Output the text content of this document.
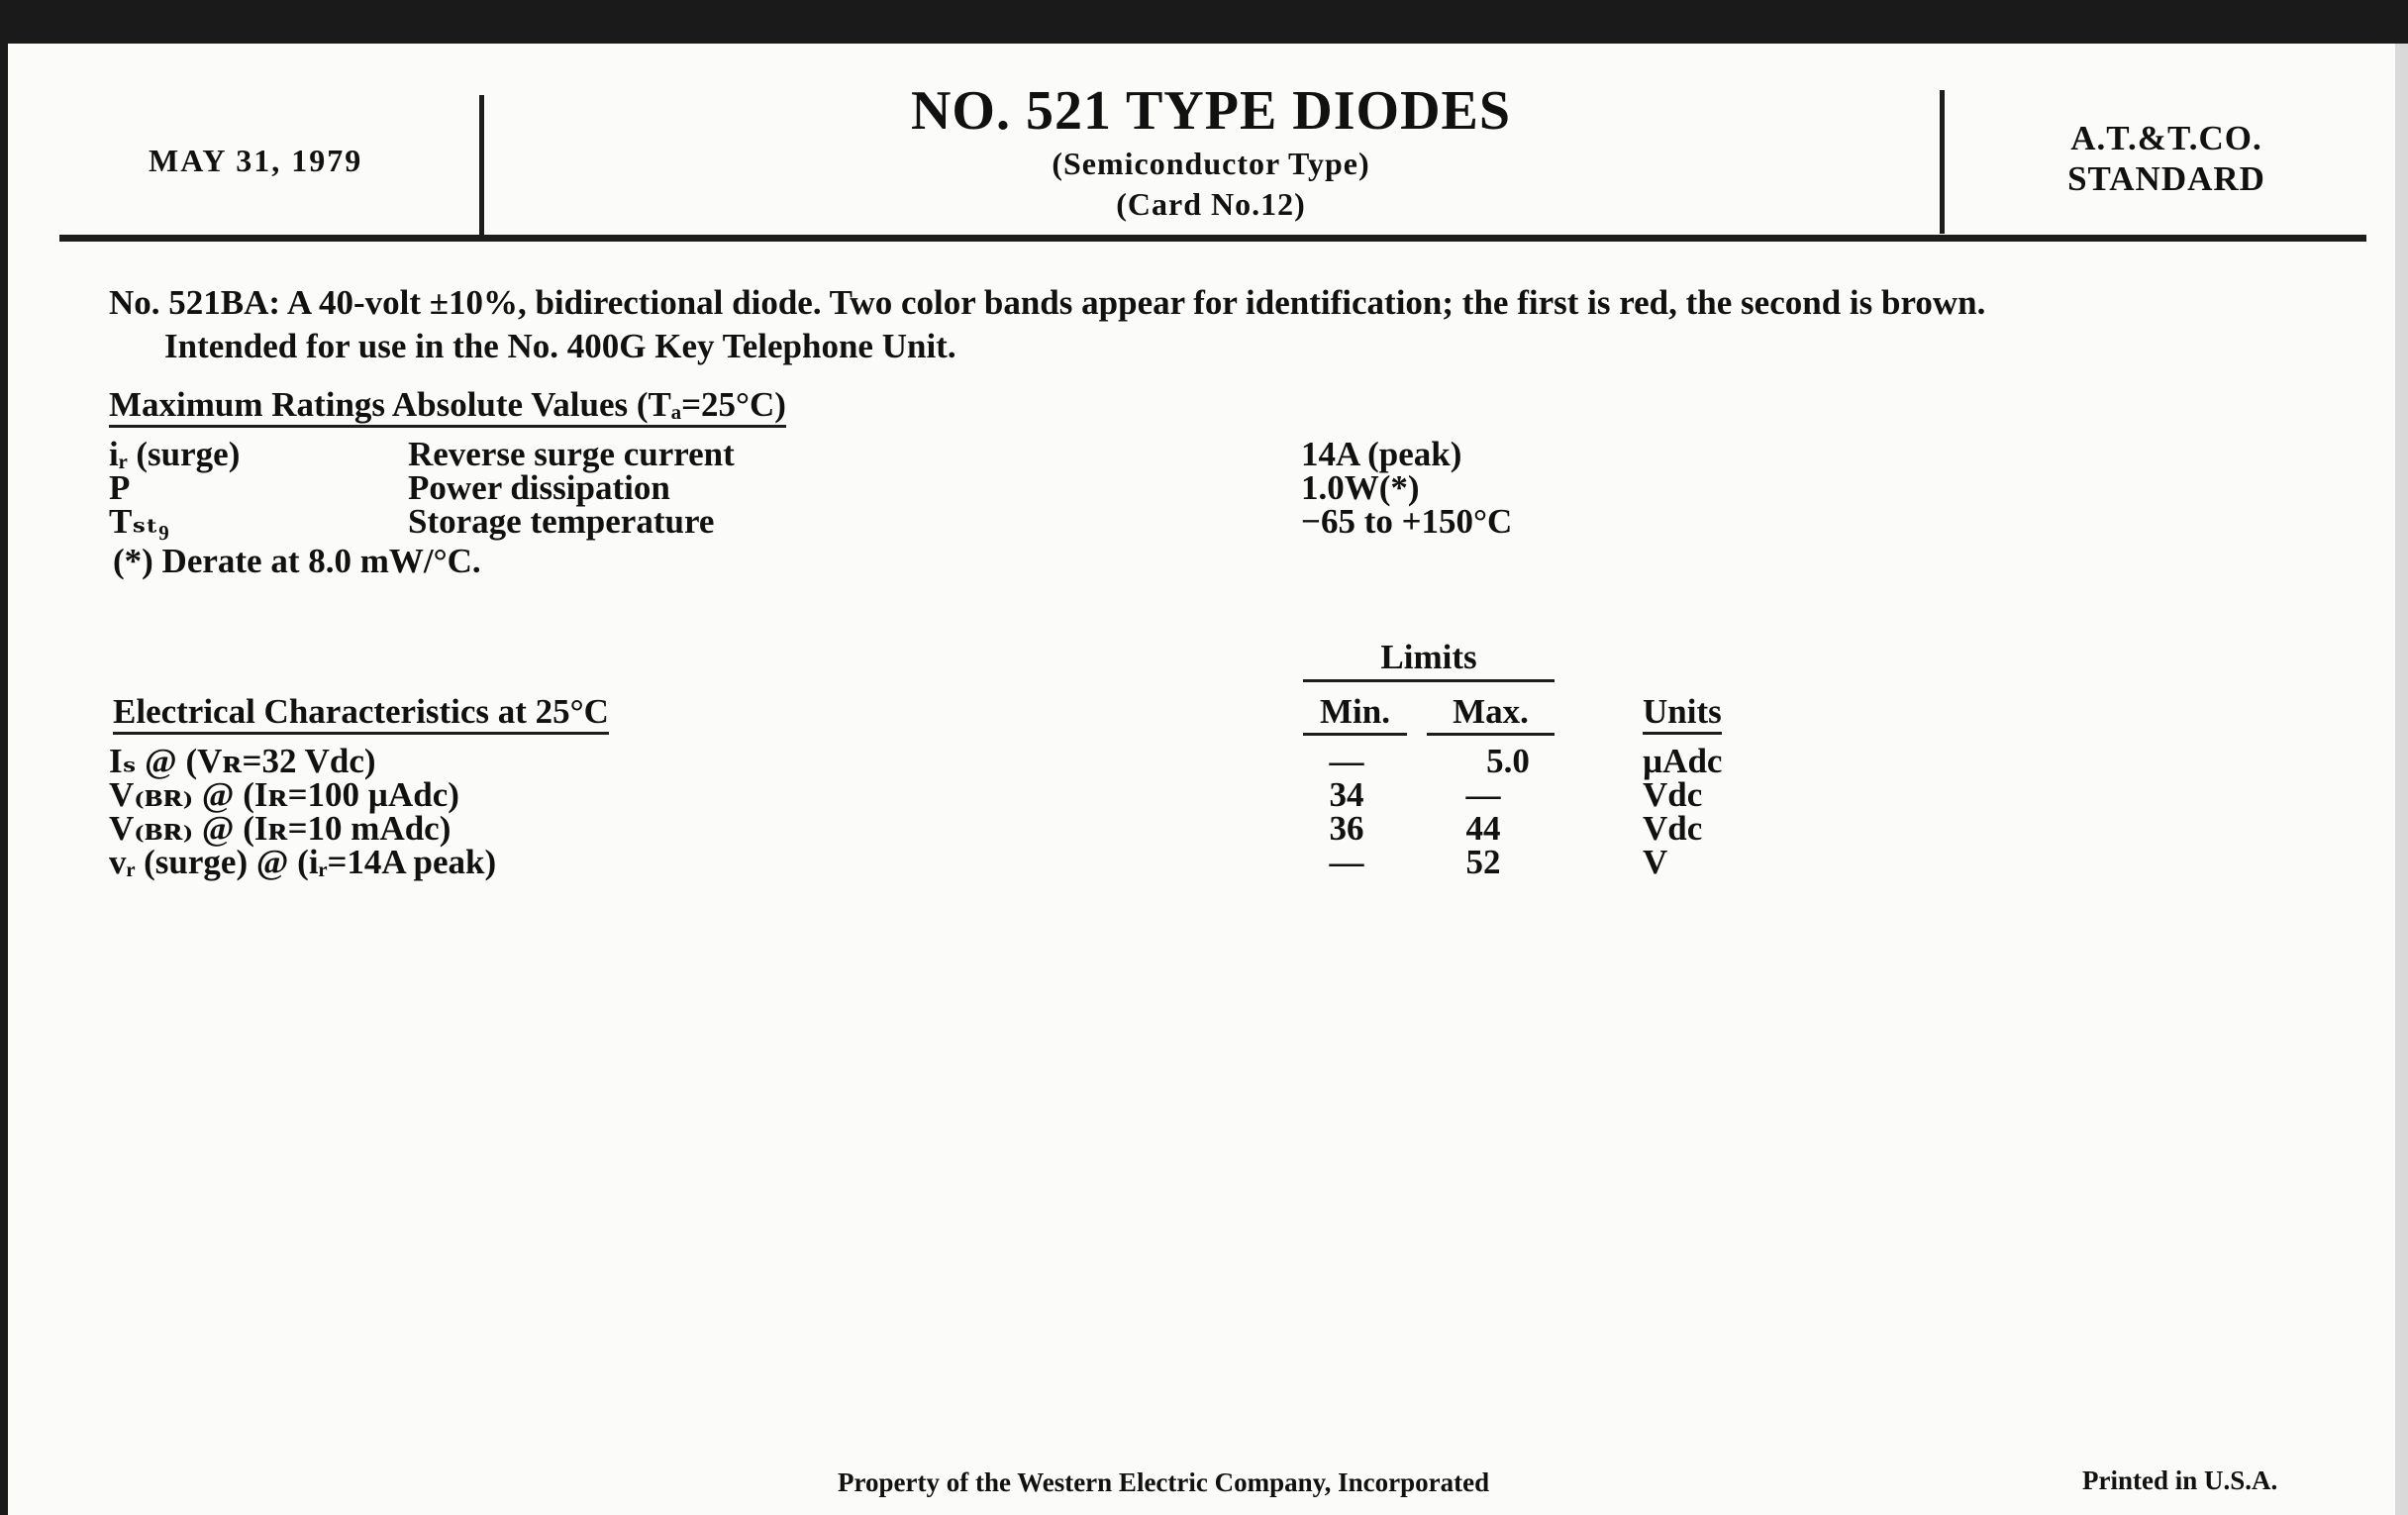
MAY 31, 1979
NO. 521 TYPE DIODES
(Semiconductor Type)
(Card No.12)
A.T.&T.CO.
STANDARD
No. 521BA: A 40-volt ±10%, bidirectional diode. Two color bands appear for identification; the first is red, the second is brown.
Intended for use in the No. 400G Key Telephone Unit.
Maximum Ratings Absolute Values (Tₐ=25°C)
iᵣ (surge)	Reverse surge current	14A (peak)
P	Power dissipation	1.0W(*)
Tₛₜ₉	Storage temperature	−65 to +150°C
(*) Derate at 8.0 mW/°C.
Limits
Electrical Characteristics at 25°C	Min.	Max.	Units
Iₛ @ (Vʀ=32 Vdc)	—	5.0	µAdc
V₍ʙʀ₎ @ (Iʀ=100 µAdc)	34	—	Vdc
V₍ʙʀ₎ @ (Iʀ=10 mAdc)	36	44	Vdc
vᵣ (surge) @ (iᵣ=14A peak)	—	52	V
Property of the Western Electric Company, Incorporated	Printed in U.S.A.
